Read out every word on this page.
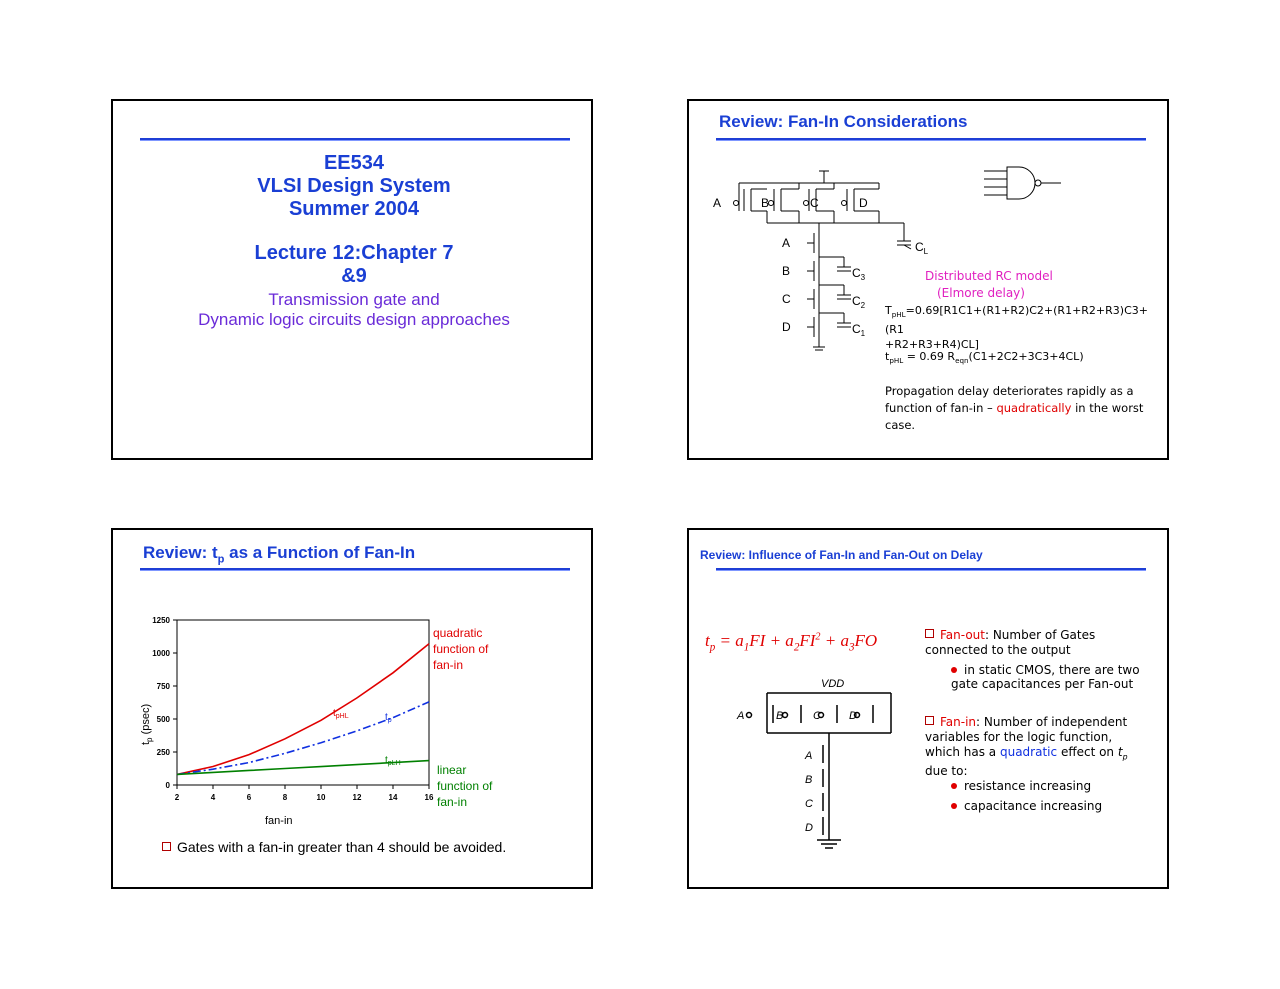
EE534
VLSI Design System
Summer 2004
Lecture 12:Chapter 7
&9
Transmission gate and
Dynamic logic circuits design approaches
Review: Fan-In Considerations
A	B	C	D
A
B
C
D
$C_L$
$C_3$
$C_2$
$C_1$
Distributed RC model
(Elmore delay)
$T_{pHL}=0.69[R1C1+(R1+R2)C2+(R1+R2+R3)C3+(R1$
+R2+R3+R4)CL]
$t_{pHL} = 0.69$ $R_{eqn}(C1+2C2+3C3+4CL)$
Propagation delay deteriorates rapidly as a function of fan-in – quadratically in the worst case.
Review: $t_p$ as a Function of Fan-In
0
250
500
750
1000
1250
2	4	6	8	10	12	14	16
fan-in
$t_p$ (psec)	$t_{pHL}$	$t_p$
$t_{pLH}$
quadratic
function of
fan-in
linear
function of
fan-in
Gates with a fan-in greater than 4 should be avoided.
Review: Influence of Fan-In and Fan-Out on Delay
$t_p = a_1FI + a_2FI^2 + a_3FO$
VDD
A	B	C	D
A
B
C
D
Fan-out: Number of Gates connected to the output
in static CMOS, there are two gate capacitances per Fan-out
Fan-in: Number of independent variables for the logic function, which has a quadratic effect on $t_p$ due to:
resistance increasing
capacitance increasing
